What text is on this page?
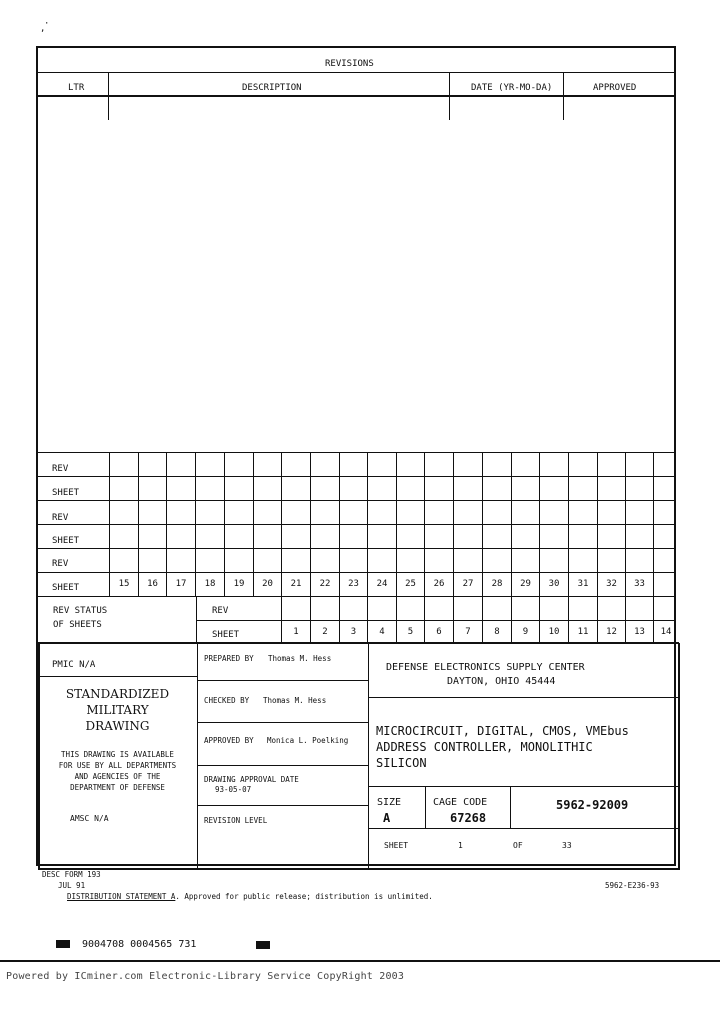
·
,
REVISIONS
LTR	DESCRIPTION	DATE (YR-MO-DA)	APPROVED
REV
SHEET
REV
SHEET
REV
SHEET	15	16	17	18	19	20	21	22	23	24	25	26	27	28	29	30	31	32	33
REV STATUS
OF SHEETS
REV
SHEET	1	2	3	4	5	6	7	8	9	10	11	12	13	14
PMIC N/A
STANDARDIZED
MILITARY
DRAWING
THIS DRAWING IS AVAILABLE
FOR USE BY ALL DEPARTMENTS
AND AGENCIES OF THE
DEPARTMENT OF DEFENSE
AMSC N/A
PREPARED BY Thomas M. Hess
CHECKED BY Thomas M. Hess
APPROVED BY Monica L. Poelking
DRAWING APPROVAL DATE
93-05-07
REVISION LEVEL
DEFENSE ELECTRONICS SUPPLY CENTER
DAYTON, OHIO 45444
MICROCIRCUIT, DIGITAL, CMOS, VMEbus
ADDRESS CONTROLLER, MONOLITHIC
SILICON
SIZE
A
CAGE CODE
67268
5962-92009
SHEET	1	OF	33
DESC FORM 193
JUL 91	5962-E236-93
DISTRIBUTION STATEMENT A. Approved for public release; distribution is unlimited.
9004708 0004565 731
Powered by ICminer.com Electronic-Library Service CopyRight 2003
